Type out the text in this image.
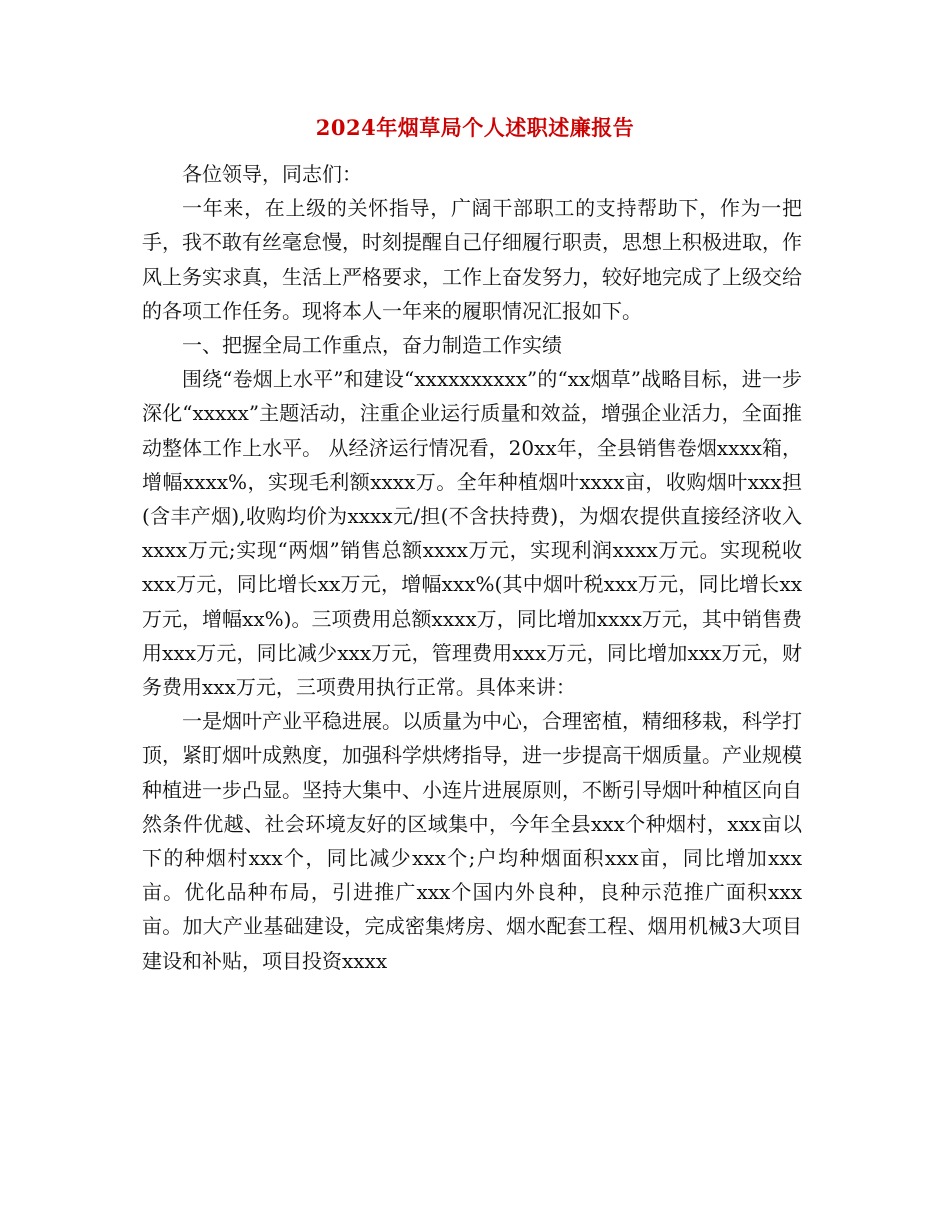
2024年烟草局个人述职述廉报告

各位领导，同志们：

一年来，在上级的关怀指导，广阔干部职工的支持帮助下，作为一把手，我不敢有丝毫怠慢，时刻提醒自己仔细履行职责，思想上积极进取，作风上务实求真，生活上严格要求，工作上奋发努力，较好地完成了上级交给的各项工作任务。现将本人一年来的履职情况汇报如下。

一、把握全局工作重点，奋力制造工作实绩

围绕“卷烟上水平”和建设“xxxxxxxxxx”的“xx烟草”战略目标，进一步深化“xxxxx”主题活动，注重企业运行质量和效益，增强企业活力，全面推动整体工作上水平。 从经济运行情况看，20xx年，全县销售卷烟xxxx箱，增幅xxxx%，实现毛利额xxxx万。全年种植烟叶xxxx亩，收购烟叶xxx担(含丰产烟),收购均价为xxxx元/担(不含扶持费)，为烟农提供直接经济收入xxxx万元;实现“两烟”销售总额xxxx万元，实现利润xxxx万元。实现税收xxx万元，同比增长xx万元，增幅xxx%(其中烟叶税xxx万元，同比增长xx万元，增幅xx%)。三项费用总额xxxx万，同比增加xxxx万元，其中销售费用xxx万元，同比减少xxx万元，管理费用xxx万元，同比增加xxx万元，财务费用xxx万元，三项费用执行正常。具体来讲：

一是烟叶产业平稳进展。以质量为中心，合理密植，精细移栽，科学打顶，紧盯烟叶成熟度，加强科学烘烤指导，进一步提高干烟质量。产业规模种植进一步凸显。坚持大集中、小连片进展原则，不断引导烟叶种植区向自然条件优越、社会环境友好的区域集中，今年全县xxx个种烟村，xxx亩以下的种烟村xxx个，同比减少xxx个;户均种烟面积xxx亩，同比增加xxx亩。优化品种布局，引进推广xxx个国内外良种，良种示范推广面积xxx亩。加大产业基础建设，完成密集烤房、烟水配套工程、烟用机械3大项目建设和补贴，项目投资xxxx
